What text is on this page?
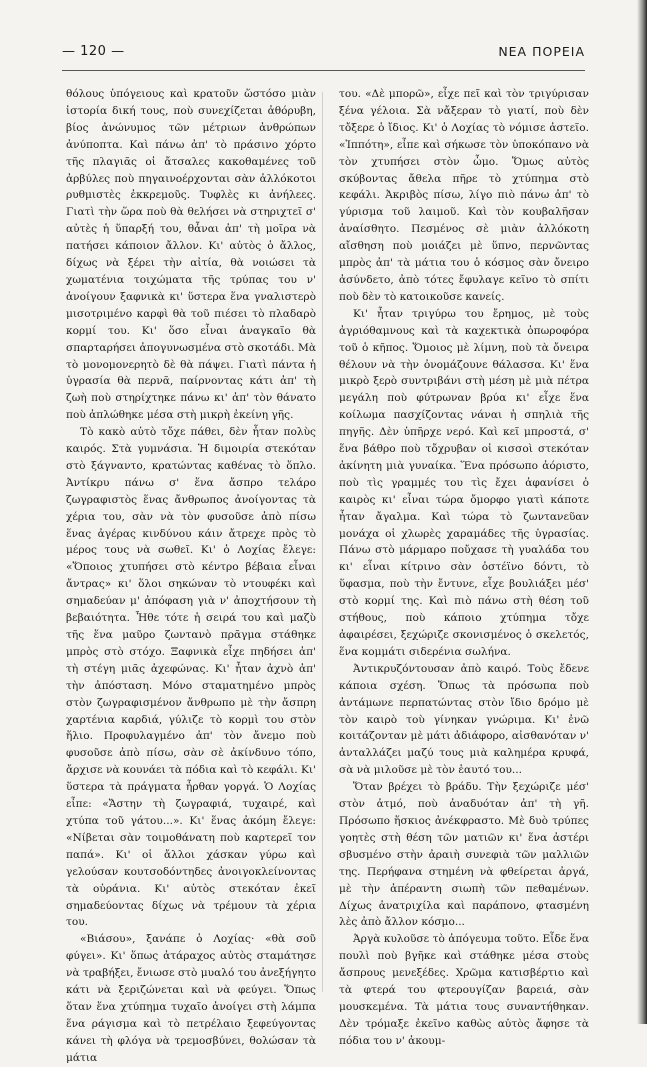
— 120 —	ΝΕΑ ΠΟΡΕΙΑ

θόλους ὑπόγειους καὶ κρατοῦν ὥστόσο μιὰν ἱστορία δική τους, ποὺ συνεχίζεται ἀθόρυβη, βίος ἀνώνυμος τῶν μέτριων ἀνθρώπων ἀνύποπτα. Καὶ πάνω ἀπ' τὸ πράσινο χόρτο τῆς πλαγιᾶς οἱ ἄτσαλες κακοθαμένες τοῦ ἀρβύλες ποὺ πηγαινοέρχονται σὰν ἀλλόκοτοι ρυθμιστὲς ἐκκρεμοῦς. Τυφλὲς κι ἀνήλεες. Γιατὶ τὴν ὥρα ποὺ θὰ θελήσει νὰ στηριχτεῖ σ' αὐτὲς ἡ ὕπαρξή του, θἆναι ἀπ' τὴ μοῖρα νὰ πατήσει κάποιον ἄλλον. Κι' αὐτὸς ὁ ἄλλος, δίχως νὰ ξέρει τὴν αἰτία, θὰ νοιώσει τὰ χωματένια τοιχώματα τῆς τρύπας του ν' ἀνοίγουν ξαφνικὰ κι' ὕστερα ἕνα γναλιστερὸ μισοτριμένο καρφὶ θὰ τοῦ πιέσει τὸ πλαδαρὸ κορμί του. Κι' ὅσο εἶναι ἀναγκαῖο θὰ σπαρταρήσει ἀπογυνωσμένα στὸ σκοτάδι. Μὰ τὸ μονομονερητὸ δὲ θὰ πάψει. Γιατὶ πάντα ἡ ὑγρασία θὰ περνᾶ, παίρνοντας κάτι ἀπ' τὴ ζωὴ ποὺ στηρίχτηκε πάνω κι' ἀπ' τὸν θάνατο ποὺ ἁπλώθηκε μέσα στὴ μικρὴ ἐκείνη γῆς.

Τὸ κακὸ αὐτὸ τὄχε πάθει, δὲν ἦταν πολὺς καιρός. Στὰ γυμνάσια. Ἡ διμοιρία στεκόταν στὸ ξάγναντο, κρατώντας καθένας τὸ ὅπλο. Ἀντίκρυ πάνω σ' ἕνα ἄσπρο τελάρο ζωγραφιστὸς ἕνας ἄνθρωπος ἀνοίγοντας τὰ χέρια του, σὰν νὰ τὸν φυσοῦσε ἀπὸ πίσω ἕνας ἀγέρας κινδύνου κάιν ἄτρεχε πρὸς τὸ μέρος τους νὰ σωθεῖ. Κι' ὁ Λοχίας ἔλεγε: «Ὅποιος χτυπήσει στὸ κέντρο βέβαια εἶναι ἄντρας» κι' ὅλοι σηκώναν τὸ ντουφέκι καὶ σημαδεύαν μ' ἀπόφαση γιὰ ν' ἀποχτήσουν τὴ βεβαιότητα. Ἦθε τότε ἡ σειρά του καὶ μαζὺ τῆς ἕνα μαῦρο ζωντανὸ πρᾶγμα στάθηκε μπρὸς στὸ στόχο. Ξαφνικὰ εἶχε πηδήσει ἀπ' τὴ στέγη μιᾶς ἀχεφώνας. Κι' ἦταν ἀχνὸ ἀπ' τὴν ἀπόσταση. Μόνο σταματημένο μπρὸς στὸν ζωγραφισμένον ἄνθρωπο μὲ τὴν ἄσπρη χαρτένια καρδιά, γύλιζε τὸ κορμὶ του στὸν ἥλιο. Προφυλαγμένο ἀπ' τὸν ἄνεμο ποὺ φυσοῦσε ἀπὸ πίσω, σὰν σὲ ἀκίνδυνο τόπο, ἄρχισε νὰ κουνάει τὰ πόδια καὶ τὸ κεφάλι. Κι' ὕστερα τὰ πράγματα ἦρθαν γοργά. Ὁ Λοχίας εἶπε: «Ἄστην τὴ ζωγραφιά, τυχαιρέ, καὶ χτύπα τοῦ γάτου...». Κι' ἕνας ἀκόμη ἔλεγε: «Νίβεται σὰν τοιμοθάνατη ποὺ καρτερεῖ τον παπά». Κι' οἱ ἄλλοι χάσκαν γύρω καὶ γελούσαν κουτσοδόντηδες ἀνοιγοκλείνοντας τὰ οὐράνια. Κι' αὐτὸς στεκόταν ἐκεῖ σημαδεύοντας δίχως νὰ τρέμουν τὰ χέρια του.

«Βιάσου», ξανάπε ὁ Λοχίας· «θὰ σοῦ φύγει». Κι' ὅπως ἀτάραχος αὐτὸς σταμάτησε νὰ τραβήξει, ἔνιωσε στὸ μυαλό του ἀνεξήγητο κάτι νὰ ξεριζώνεται καὶ νὰ φεύγει. Ὅπως ὅταν ἕνα χτύπημα τυχαῖο ἀνοίγει στὴ λάμπα ἕνα ράγισμα καὶ τὸ πετρέλαιο ξεφεύγοντας κάνει τὴ φλόγα νὰ τρεμοσβύνει, θολώσαν τὰ μάτια

του. «Δὲ μπορῶ», εἶχε πεῖ καὶ τὸν τριγύρισαν ξένα γέλοια. Σὰ νἄξεραν τὸ γιατί, ποὺ δὲν τὄξερε ὁ ἴδιος. Κι' ὁ Λοχίας τὸ νόμισε ἀστεῖο. «Ἱππότη», εἶπε καὶ σήκωσε τὸν ὑποκόπανο νὰ τὸν χτυπήσει στὸν ὦμο. Ὅμως αὐτὸς σκύβοντας ἄθελα πῆρε τὸ χτύπημα στὸ κεφάλι. Ἀκριβὸς πίσω, λίγο πιὸ πάνω ἀπ' τὸ γύρισμα τοῦ λαιμοῦ. Καὶ τὸν κουβαλῆσαν ἀναίσθητο. Πεσμένος σὲ μιὰν ἀλλόκοτη αἴσθηση ποὺ μοιάζει μὲ ὕπνο, περνῶντας μπρὸς ἀπ' τὰ μάτια του ὁ κόσμος σὰν ὄνειρο ἀσύνδετο, ἀπὸ τότες ἔφυλαγε κεῖνο τὸ σπίτι ποὺ δὲν τὸ κατοικοῦσε κανείς.

Κι' ἦταν τριγύρω του ἔρημος, μὲ τοὺς ἀγριόθαμνους καὶ τὰ καχεκτικὰ ὀπωροφόρα τοῦ ὁ κῆπος. Ὅμοιος μὲ λίμνη, ποὺ τὰ ὄνειρα θέλουν νὰ τὴν ὀνομάζουνε θάλασσα. Κι' ἕνα μικρὸ ξερὸ συντριβάνι στὴ μέση μὲ μιὰ πέτρα μεγάλη ποὺ φύτρωναν βρύα κι' εἶχε ἕνα κοίλωμα πασχίζοντας νάναι ἡ σπηλιὰ τῆς πηγῆς. Δὲν ὑπῆρχε νερό. Καὶ κεῖ μπροστά, σ' ἕνα βάθρο ποὺ τὄχρυβαν οἱ κισσοὶ στεκόταν ἀκίνητη μιὰ γυναίκα. Ἕνα πρόσωπο ἀόριστο, ποὺ τὶς γραμμές του τὶς ἔχει ἀφανίσει ὁ καιρὸς κι' εἶναι τώρα ὄμορφο γιατὶ κάποτε ἦταν ἄγαλμα. Καὶ τώρα τὸ ζωντανεῦαν μονάχα οἱ χλωρὲς χαραμάδες τῆς ὑγρασίας. Πάνω στὸ μάρμαρο ποὔχασε τὴ γυαλάδα του κι' εἶναι κίτρινο σὰν ὀστέϊνο δόντι, τὸ ὕφασμα, ποὺ τὴν ἔντυνε, εἶχε βουλιάξει μέσ' στὸ κορμί της. Καὶ πιὸ πάνω στὴ θέση τοῦ στήθους, ποὺ κάποιο χτύπημα τὄχε ἀφαιρέσει, ξεχώριζε σκονισμένος ὁ σκελετός, ἕνα κομμάτι σιδερένια σωλήνα.

Ἀντικρυζόντουσαν ἀπὸ καιρό. Τοὺς ἔδενε κάποια σχέση. Ὅπως τὰ πρόσωπα ποὺ ἀντάμωνε περπατώντας στὸν ἴδιο δρόμο μὲ τὸν καιρὸ τοὺ γίνηκαν γνώριμα. Κι' ἐνῶ κοιτάζονταν μὲ μάτι ἀδιάφορο, αἰσθανόταν ν' ἀνταλλάζει μαζύ τους μιὰ καλημέρα κρυφά, σὰ νὰ μιλοῦσε μὲ τὸν ἑαυτό του...

Ὅταν βρέχει τὸ βράδυ. Τὴν ξεχώριζε μέσ' στὸν ἀτμό, ποὺ ἀναδυόταν ἀπ' τὴ γῆ. Πρόσωπο ἥσκιος ἀνέκφραστο. Μὲ δυὸ τρύπες γοητὲς στὴ θέση τῶν ματιῶν κι' ἕνα ἀστέρι σβυσμένο στὴν ἀραιὴ συνεφιὰ τῶν μαλλιῶν της. Περήφανα στημένη νὰ φθείρεται ἀργά, μὲ τὴν ἀπέραντη σιωπὴ τῶν πεθαμένων. Δίχως ἀνατριχίλα καὶ παράπονο, φτασμένη λὲς ἀπὸ ἄλλον κόσμο...

Ἀργὰ κυλοῦσε τὸ ἀπόγευμα τοῦτο. Εἶδε ἕνα πουλὶ ποὺ βγῆκε καὶ στάθηκε μέσα στοὺς ἄσπρους μενεξέδες. Χρῶμα κατισβέρτιο καὶ τὰ φτερά του φτερουγίζαν βαρειά, σὰν μουσκεμένα. Τὰ μάτια τους συναντήθηκαν. Δὲν τρόμαξε ἐκεῖνο καθὼς αὐτὸς ἄφησε τὰ πόδια του ν' ἀκουμ-
